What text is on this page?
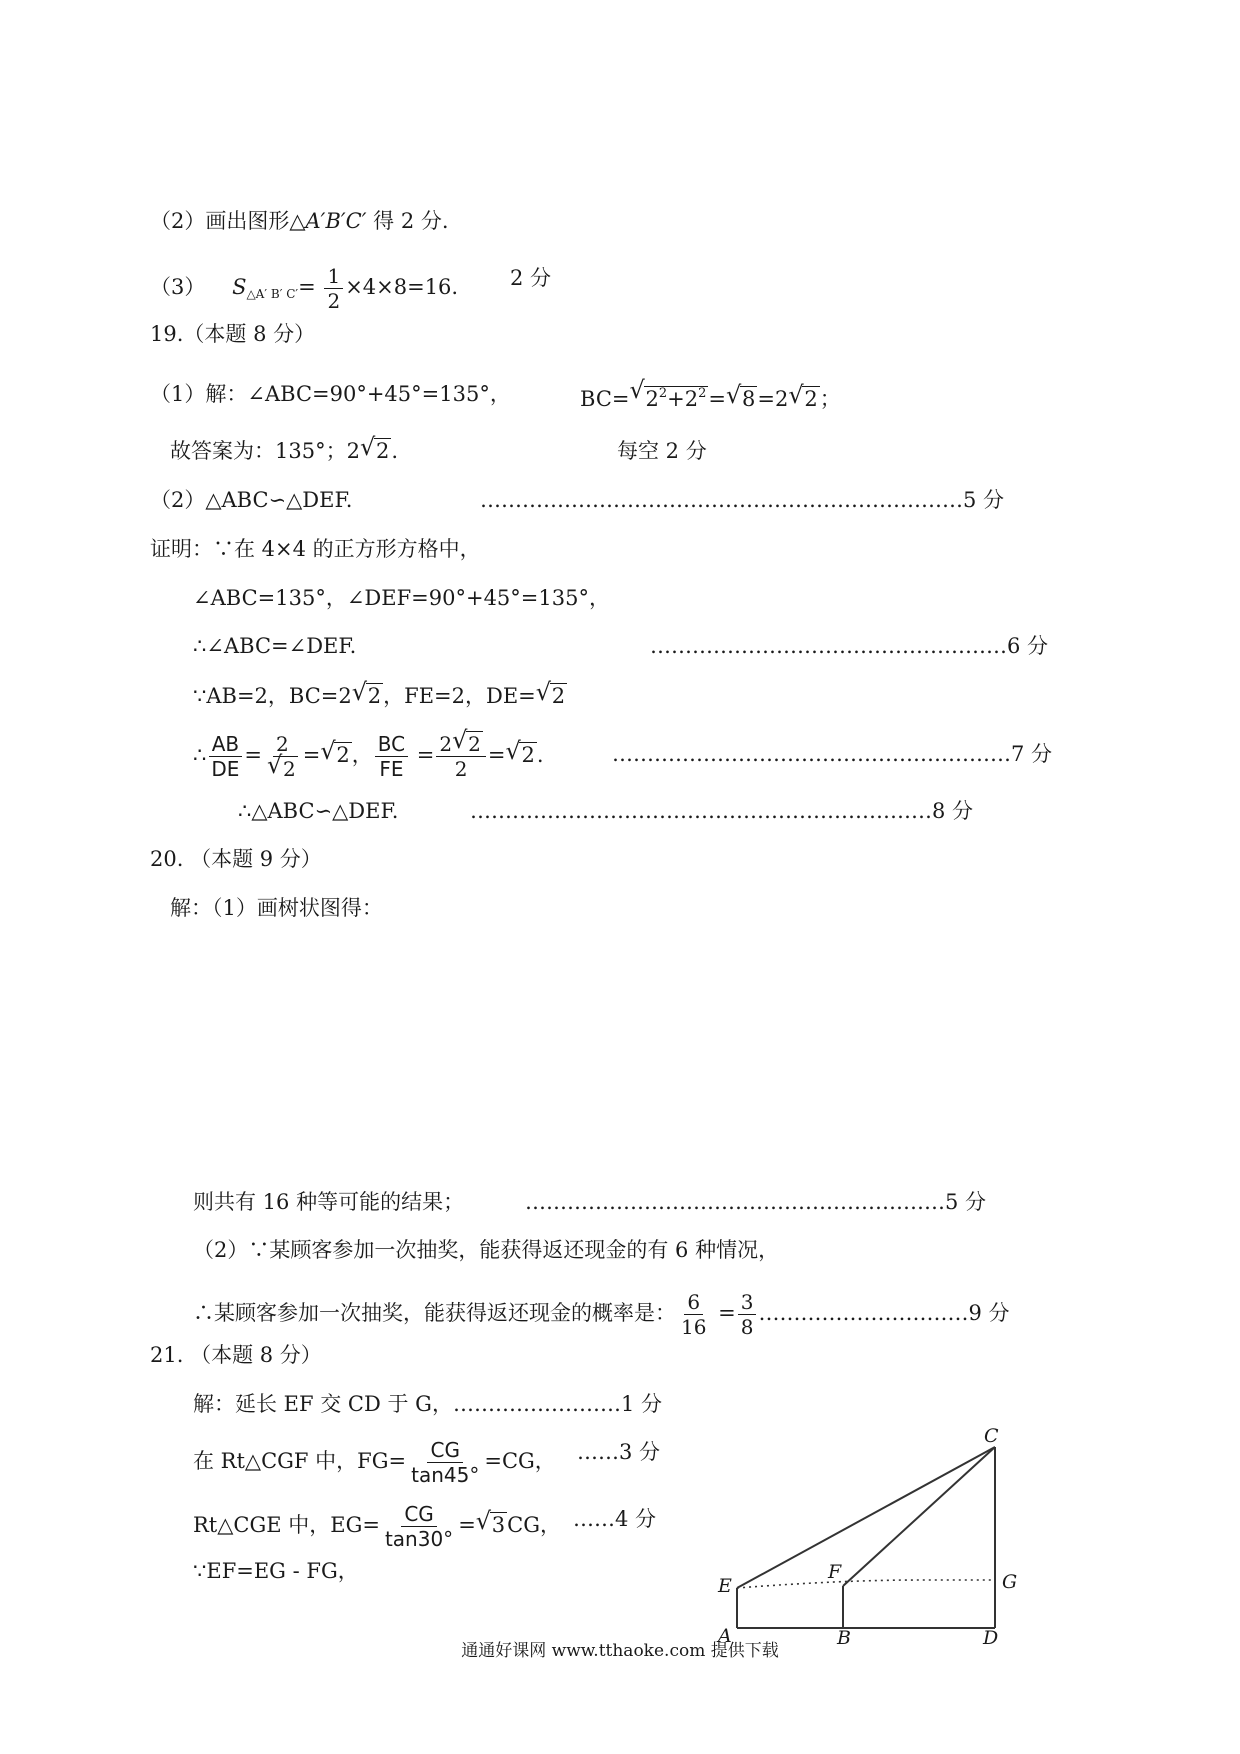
（2）画出图形△A′B′C′ 得 2 分.
（3） $S_{\triangle A' B' C'}= \frac{1}{2} \times 4\times 8=16$. 2 分
19.（本题 8 分）
（1）解：∠ABC=90°+45°=135°，	BC= √ $2^2+2^2=$ √ 8=2 √ 2；
故答案为：135°；2 √ 2.	每空 2 分
（2）△ABC∽△DEF.	……………………………………………………………5 分
证明：∵在 4×4 的正方形方格中，
∠ABC=135°，∠DEF=90°+45°=135°，
∴∠ABC=∠DEF.	……………………………………………6 分
∵AB=2，BC=2 √ 2，FE=2，DE= √ 2
∴ $\frac{AB}{DE} = \frac{2}{√ 2}$ = √ 2， $\frac{BC}{FE} = \frac{2 √ 2}{2}$ = √ 2.	…………………………………………………7 分
∴△ABC∽△DEF.	…………………………………………………………8 分
20. （本题 9 分）
解：（1）画树状图得：
则共有 16 种等可能的结果；	……………………………………………………5 分
（2）∵某顾客参加一次抽奖，能获得返还现金的有 6 种情况，
∴某顾客参加一次抽奖，能获得返还现金的概率是： $\frac{6}{16} = \frac{3}{8}$ …………………………9 分
21. （本题 8 分）
解：延长 EF 交 CD 于 G，……………………1 分
在 Rt△CGF 中，$FG= \frac{CG}{\tan 45^\circ} =CG$， ……3 分
Rt△CGE 中，$EG= \frac{CG}{\tan 30^\circ}$ = √ 3CG， ……4 分
∵EF=EG - FG，
C
E
F	G
A	B	D
通通好课网 www.tthaoke.com 提供下载
